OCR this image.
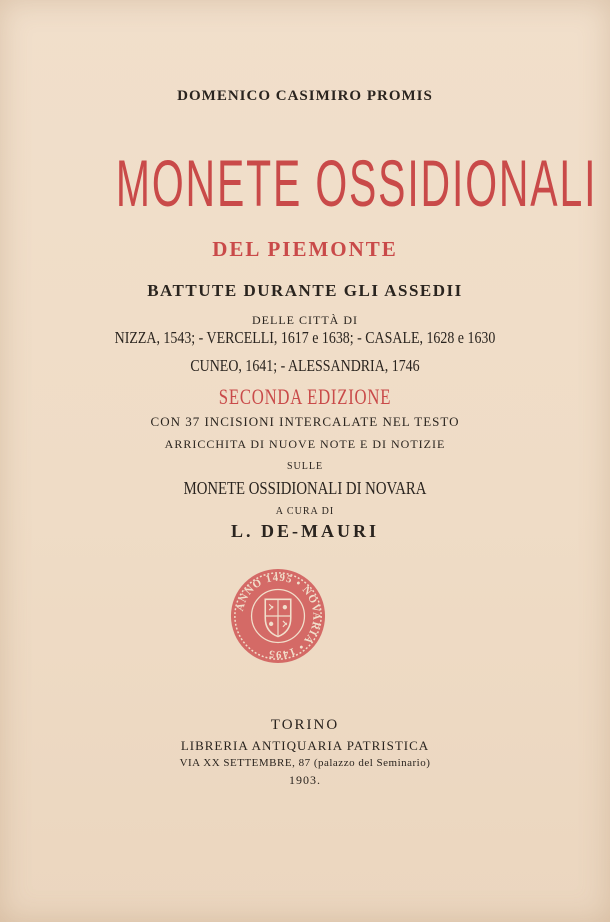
DOMENICO CASIMIRO PROMIS
MONETE OSSIDIONALI
DEL PIEMONTE
BATTUTE DURANTE GLI ASSEDII
DELLE CITTÀ DI
NIZZA, 1543; - VERCELLI, 1617 e 1638; - CASALE, 1628 e 1630
CUNEO, 1641; - ALESSANDRIA, 1746
SECONDA EDIZIONE
CON 37 INCISIONI INTERCALATE NEL TESTO
ARRICCHITA DI NUOVE NOTE E DI NOTIZIE
SULLE
MONETE OSSIDIONALI DI NOVARA
A CURA DI
L. DE-MAURI
ANNO 1495 • NOVARIA • 1495
TORINO
LIBRERIA ANTIQUARIA PATRISTICA
VIA XX SETTEMBRE, 87 (palazzo del Seminario)
1903.
